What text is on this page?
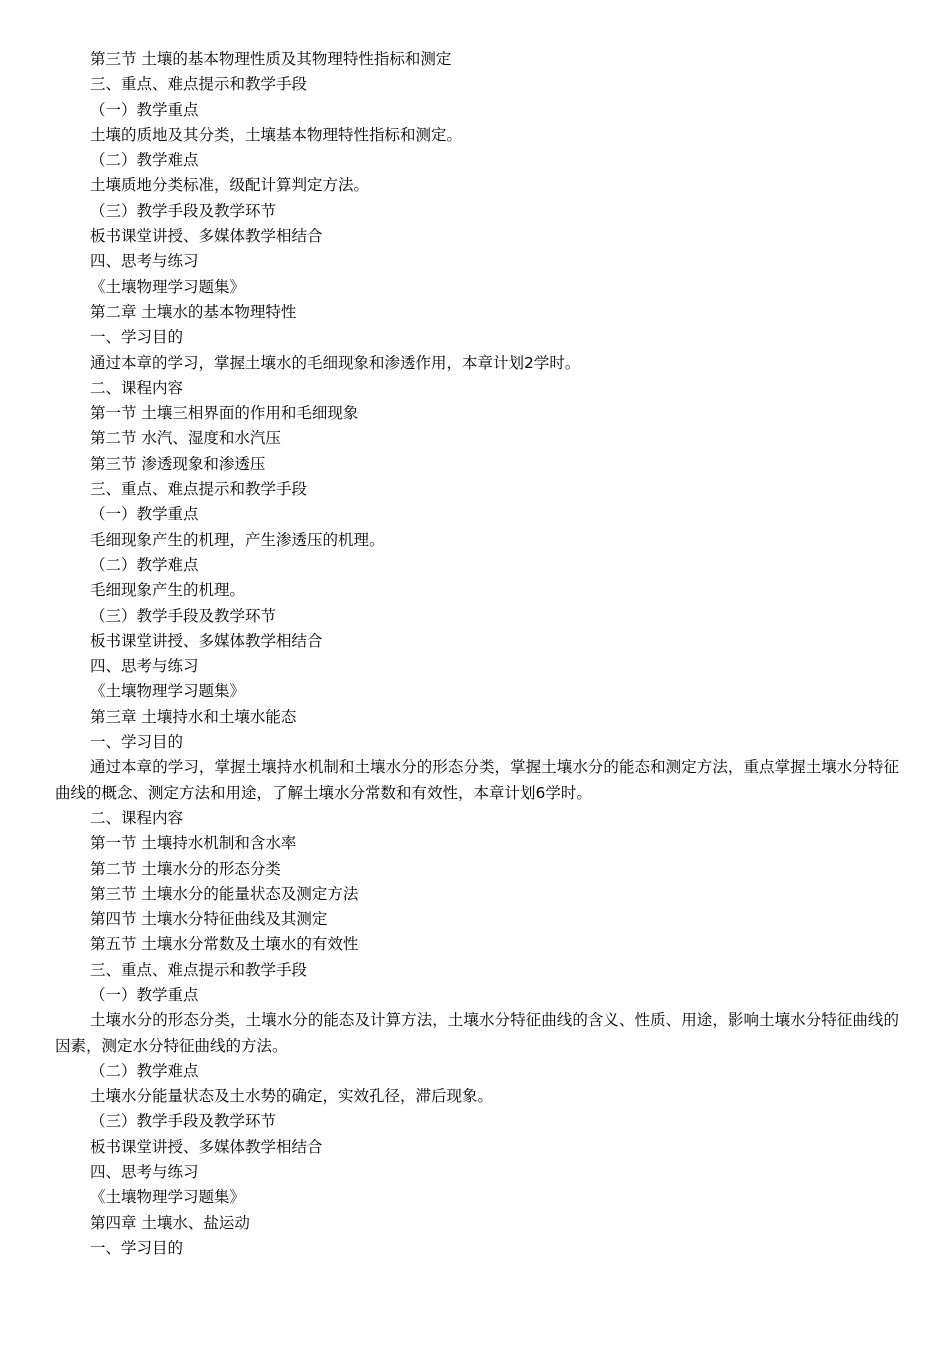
第三节 土壤的基本物理性质及其物理特性指标和测定
三、重点、难点提示和教学手段
（一）教学重点
土壤的质地及其分类，土壤基本物理特性指标和测定。
（二）教学难点
土壤质地分类标准，级配计算判定方法。
（三）教学手段及教学环节
板书课堂讲授、多媒体教学相结合
四、思考与练习
《土壤物理学习题集》
第二章 土壤水的基本物理特性
一、学习目的
通过本章的学习，掌握土壤水的毛细现象和渗透作用，本章计划2学时。
二、课程内容
第一节 土壤三相界面的作用和毛细现象
第二节 水汽、湿度和水汽压
第三节 渗透现象和渗透压
三、重点、难点提示和教学手段
（一）教学重点
毛细现象产生的机理，产生渗透压的机理。
（二）教学难点
毛细现象产生的机理。
（三）教学手段及教学环节
板书课堂讲授、多媒体教学相结合
四、思考与练习
《土壤物理学习题集》
第三章 土壤持水和土壤水能态
一、学习目的
通过本章的学习，掌握土壤持水机制和土壤水分的形态分类，掌握土壤水分的能态和测定方法，重点掌握土壤水分特征曲线的概念、测定方法和用途，了解土壤水分常数和有效性，本章计划6学时。
二、课程内容
第一节 土壤持水机制和含水率
第二节 土壤水分的形态分类
第三节 土壤水分的能量状态及测定方法
第四节 土壤水分特征曲线及其测定
第五节 土壤水分常数及土壤水的有效性
三、重点、难点提示和教学手段
（一）教学重点
土壤水分的形态分类，土壤水分的能态及计算方法，土壤水分特征曲线的含义、性质、用途，影响土壤水分特征曲线的因素，测定水分特征曲线的方法。
（二）教学难点
土壤水分能量状态及土水势的确定，实效孔径，滞后现象。
（三）教学手段及教学环节
板书课堂讲授、多媒体教学相结合
四、思考与练习
《土壤物理学习题集》
第四章 土壤水、盐运动
一、学习目的
